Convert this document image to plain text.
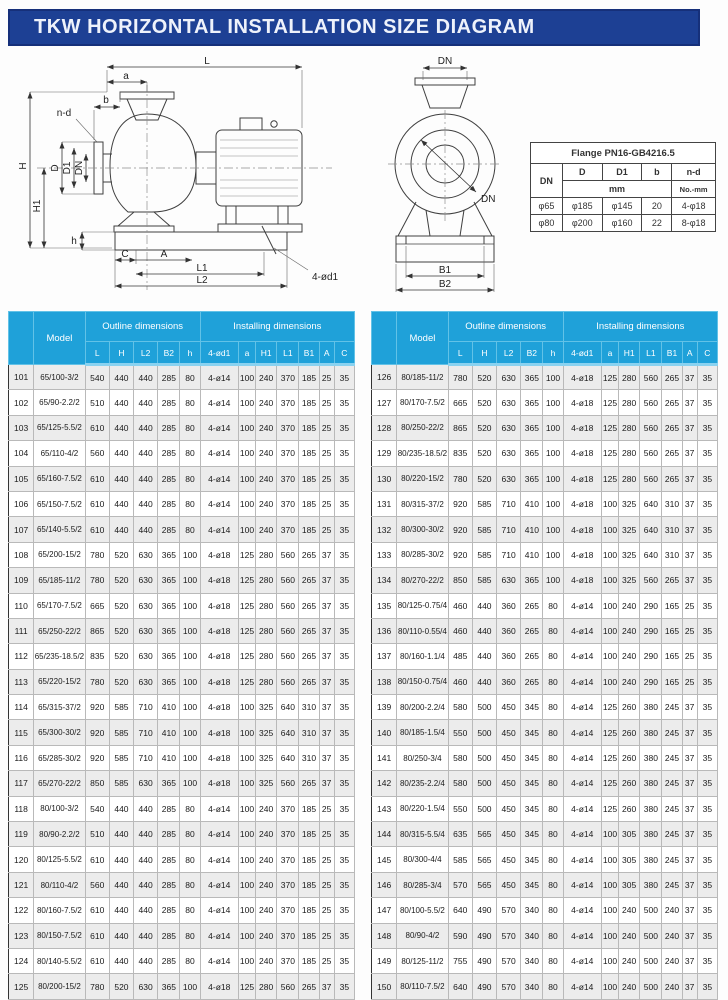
TKW HORIZONTAL INSTALLATION SIZE DIAGRAM
L
a
b
n-d
D D1 DN
H
H1
h
C	A
L1
L2	4-ød1
DN
DN
B1
B2
Flange PN16-GB4216.5				
DN	D	D1	b	n-d
	mm			No.-mm
φ65	φ185	φ145	20	4-φ18
φ80	φ200	φ160	22	8-φ18
	Model	Outline dimensions					Installing dimensions						
		L	H	L2	B2	h	4-ød1	a	H1	L1	B1	A	C
101	65/100-3/2	540	440	440	285	80	4-ø14	100	240	370	185	25	35
102	65/90-2.2/2	510	440	440	285	80	4-ø14	100	240	370	185	25	35
103	65/125-5.5/2	610	440	440	285	80	4-ø14	100	240	370	185	25	35
104	65/110-4/2	560	440	440	285	80	4-ø14	100	240	370	185	25	35
105	65/160-7.5/2	610	440	440	285	80	4-ø14	100	240	370	185	25	35
106	65/150-7.5/2	610	440	440	285	80	4-ø14	100	240	370	185	25	35
107	65/140-5.5/2	610	440	440	285	80	4-ø14	100	240	370	185	25	35
108	65/200-15/2	780	520	630	365	100	4-ø18	125	280	560	265	37	35
109	65/185-11/2	780	520	630	365	100	4-ø18	125	280	560	265	37	35
110	65/170-7.5/2	665	520	630	365	100	4-ø18	125	280	560	265	37	35
111	65/250-22/2	865	520	630	365	100	4-ø18	125	280	560	265	37	35
112	65/235-18.5/2	835	520	630	365	100	4-ø18	125	280	560	265	37	35
113	65/220-15/2	780	520	630	365	100	4-ø18	125	280	560	265	37	35
114	65/315-37/2	920	585	710	410	100	4-ø18	100	325	640	310	37	35
115	65/300-30/2	920	585	710	410	100	4-ø18	100	325	640	310	37	35
116	65/285-30/2	920	585	710	410	100	4-ø18	100	325	640	310	37	35
117	65/270-22/2	850	585	630	365	100	4-ø18	100	325	560	265	37	35
118	80/100-3/2	540	440	440	285	80	4-ø14	100	240	370	185	25	35
119	80/90-2.2/2	510	440	440	285	80	4-ø14	100	240	370	185	25	35
120	80/125-5.5/2	610	440	440	285	80	4-ø14	100	240	370	185	25	35
121	80/110-4/2	560	440	440	285	80	4-ø14	100	240	370	185	25	35
122	80/160-7.5/2	610	440	440	285	80	4-ø14	100	240	370	185	25	35
123	80/150-7.5/2	610	440	440	285	80	4-ø14	100	240	370	185	25	35
124	80/140-5.5/2	610	440	440	285	80	4-ø14	100	240	370	185	25	35
125	80/200-15/2	780	520	630	365	100	4-ø18	125	280	560	265	37	35
	Model	Outline dimensions					Installing dimensions						
		L	H	L2	B2	h	4-ød1	a	H1	L1	B1	A	C
126	80/185-11/2	780	520	630	365	100	4-ø18	125	280	560	265	37	35
127	80/170-7.5/2	665	520	630	365	100	4-ø18	125	280	560	265	37	35
128	80/250-22/2	865	520	630	365	100	4-ø18	125	280	560	265	37	35
129	80/235-18.5/2	835	520	630	365	100	4-ø18	125	280	560	265	37	35
130	80/220-15/2	780	520	630	365	100	4-ø18	125	280	560	265	37	35
131	80/315-37/2	920	585	710	410	100	4-ø18	100	325	640	310	37	35
132	80/300-30/2	920	585	710	410	100	4-ø18	100	325	640	310	37	35
133	80/285-30/2	920	585	710	410	100	4-ø18	100	325	640	310	37	35
134	80/270-22/2	850	585	630	365	100	4-ø18	100	325	560	265	37	35
135	80/125-0.75/4	460	440	360	265	80	4-ø14	100	240	290	165	25	35
136	80/110-0.55/4	460	440	360	265	80	4-ø14	100	240	290	165	25	35
137	80/160-1.1/4	485	440	360	265	80	4-ø14	100	240	290	165	25	35
138	80/150-0.75/4	460	440	360	265	80	4-ø14	100	240	290	165	25	35
139	80/200-2.2/4	580	500	450	345	80	4-ø14	125	260	380	245	37	35
140	80/185-1.5/4	550	500	450	345	80	4-ø14	125	260	380	245	37	35
141	80/250-3/4	580	500	450	345	80	4-ø14	125	260	380	245	37	35
142	80/235-2.2/4	580	500	450	345	80	4-ø14	125	260	380	245	37	35
143	80/220-1.5/4	550	500	450	345	80	4-ø14	125	260	380	245	37	35
144	80/315-5.5/4	635	565	450	345	80	4-ø14	100	305	380	245	37	35
145	80/300-4/4	585	565	450	345	80	4-ø14	100	305	380	245	37	35
146	80/285-3/4	570	565	450	345	80	4-ø14	100	305	380	245	37	35
147	80/100-5.5/2	640	490	570	340	80	4-ø14	100	240	500	240	37	35
148	80/90-4/2	590	490	570	340	80	4-ø14	100	240	500	240	37	35
149	80/125-11/2	755	490	570	340	80	4-ø14	100	240	500	240	37	35
150	80/110-7.5/2	640	490	570	340	80	4-ø14	100	240	500	240	37	35
